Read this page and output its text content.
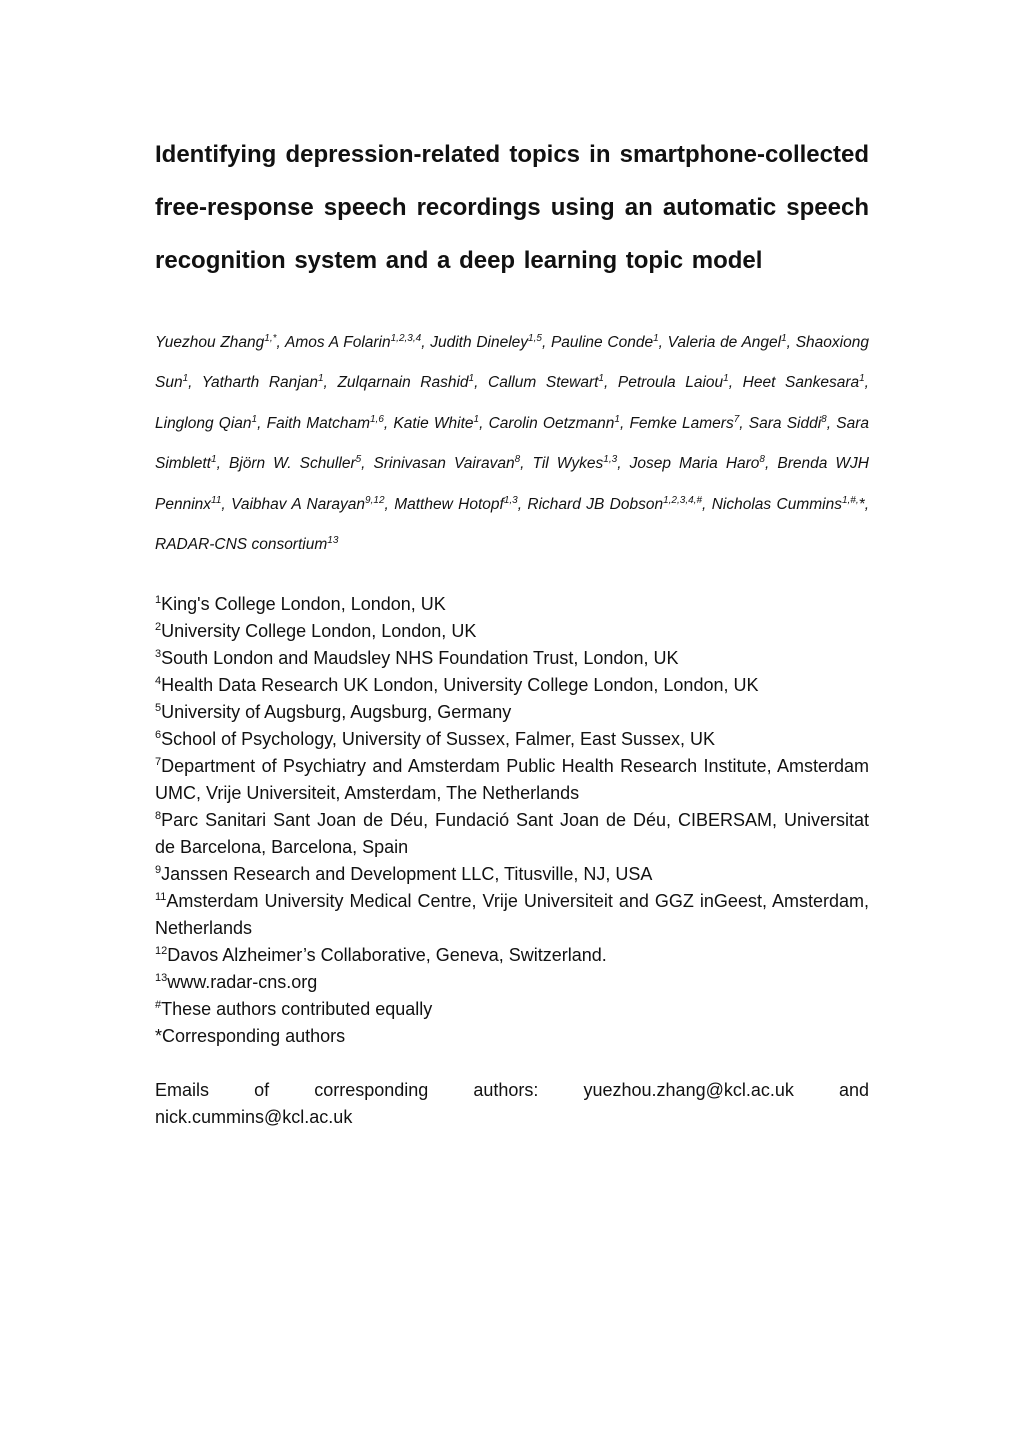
Identifying depression-related topics in smartphone-collected
free-response speech recordings using an automatic speech
recognition system and a deep learning topic model

Yuezhou Zhang$^{1,*}$, Amos A Folarin$^{1,2,3,4}$, Judith Dineley$^{1,5}$, Pauline Conde$^1$, Valeria de Angel$^1$, Shaoxiong Sun$^1$, Yatharth Ranjan$^1$, Zulqarnain Rashid$^1$, Callum Stewart$^1$, Petroula Laiou$^1$, Heet Sankesara$^1$, Linglong Qian$^1$, Faith Matcham$^{1,6}$, Katie White$^1$, Carolin Oetzmann$^1$, Femke Lamers$^7$, Sara Siddi$^8$, Sara Simblett$^1$, Björn W. Schuller$^5$, Srinivasan Vairavan$^8$, Til Wykes$^{1,3}$, Josep Maria Haro$^8$, Brenda WJH Penninx$^{11}$, Vaibhav A Narayan$^{9,12}$, Matthew Hotopf$^{1,3}$, Richard JB Dobson$^{1,2,3,4,\#}$, Nicholas Cummins$^{1,\#,}$*, RADAR-CNS consortium$^{13}$

$^1$King's College London, London, UK
$^2$University College London, London, UK
$^3$South London and Maudsley NHS Foundation Trust, London, UK
$^4$Health Data Research UK London, University College London, London, UK
$^5$University of Augsburg, Augsburg, Germany
$^6$School of Psychology, University of Sussex, Falmer, East Sussex, UK
$^7$Department of Psychiatry and Amsterdam Public Health Research Institute, Amsterdam UMC, Vrije Universiteit, Amsterdam, The Netherlands
$^8$Parc Sanitari Sant Joan de Déu, Fundació Sant Joan de Déu, CIBERSAM, Universitat de Barcelona, Barcelona, Spain
$^9$Janssen Research and Development LLC, Titusville, NJ, USA
$^{11}$Amsterdam University Medical Centre, Vrije Universiteit and GGZ inGeest, Amsterdam, Netherlands
$^{12}$Davos Alzheimer’s Collaborative, Geneva, Switzerland.
$^{13}$www.radar-cns.org
#These authors contributed equally
*Corresponding authors
Emails of corresponding authors: yuezhou.zhang@kcl.ac.uk and
nick.cummins@kcl.ac.uk
